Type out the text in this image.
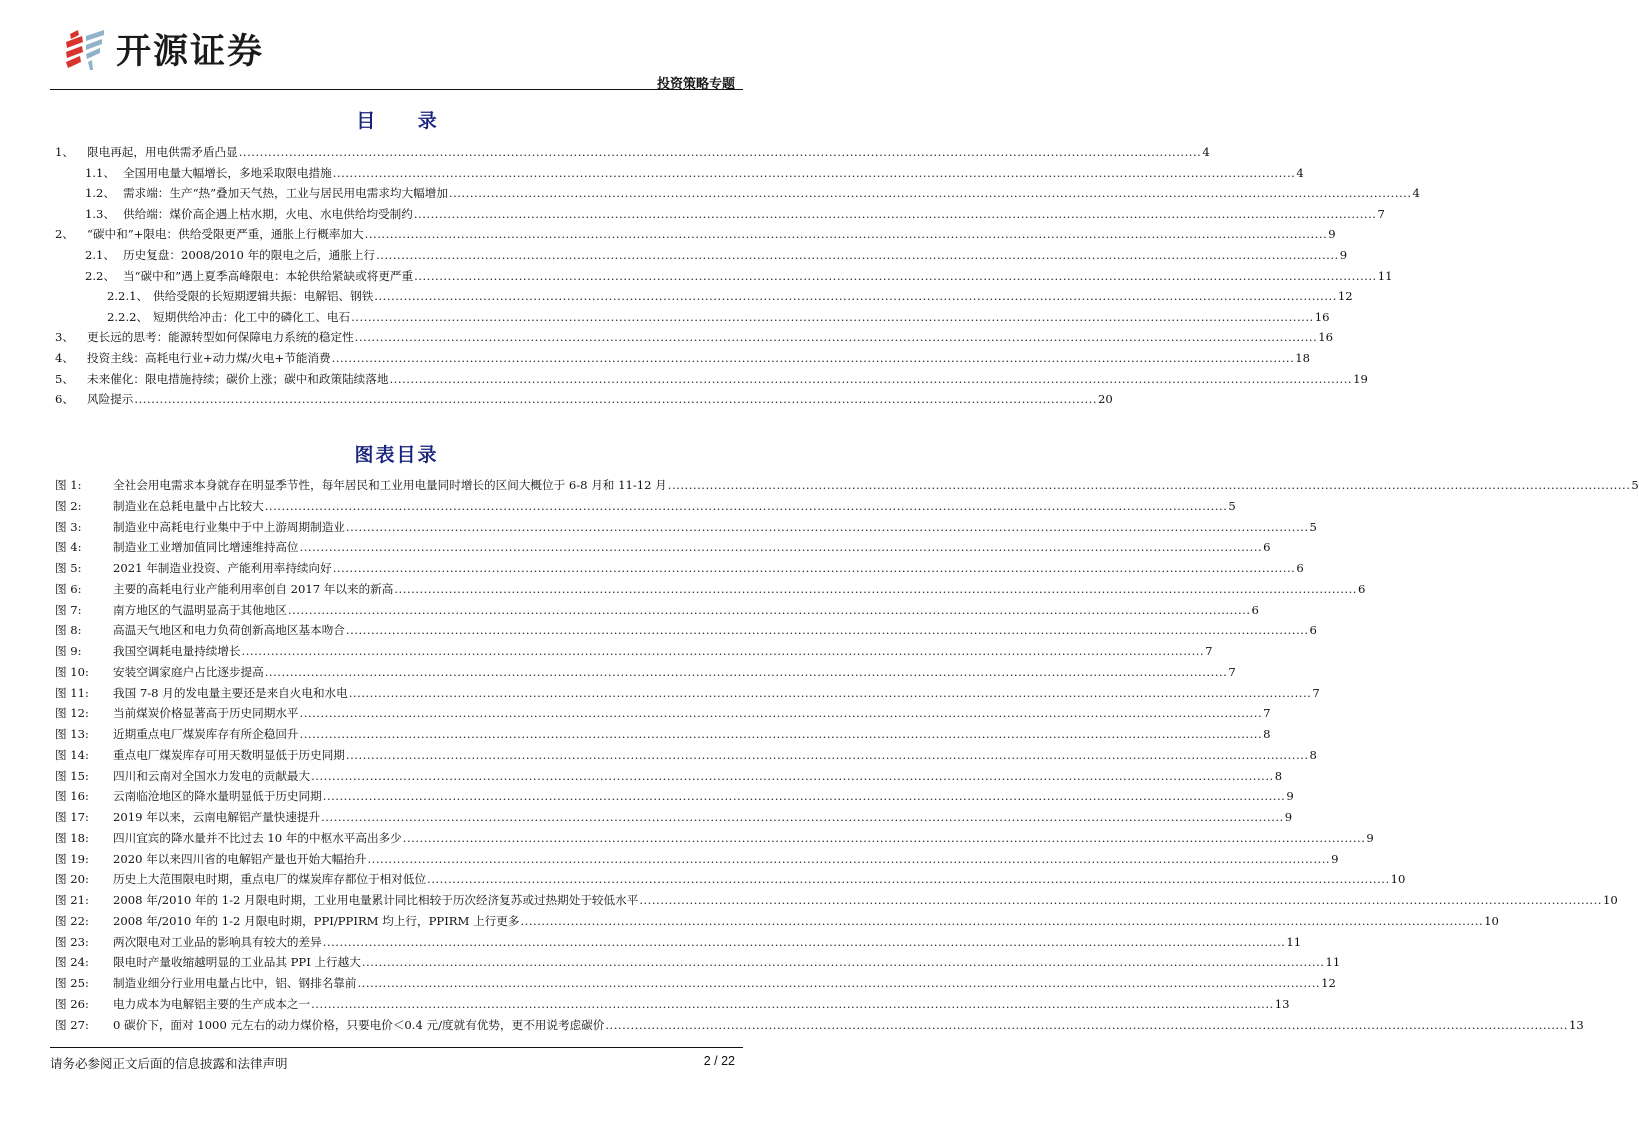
开源证券
投资策略专题
目 录
1、	限电再起，用电供需矛盾凸显 .....	4
1.1、 全国用电量大幅增长，多地采取限电措施 .....	4
1.2、 需求端：生产“热”叠加天气热，工业与居民用电需求均大幅增加 .....	4
1.3、 供给端：煤价高企遇上枯水期，火电、水电供给均受制约 .....	7
2、	“碳中和”+限电：供给受限更严重，通胀上行概率加大 .....	9
2.1、 历史复盘：2008/2010 年的限电之后，通胀上行 .....	9
2.2、 当“碳中和”遇上夏季高峰限电：本轮供给紧缺或将更严重 .....	11
2.2.1、 供给受限的长短期逻辑共振：电解铝、钢铁 .....	12
2.2.2、 短期供给冲击：化工中的磷化工、电石 .....	16
3、	更长远的思考：能源转型如何保障电力系统的稳定性 .....	16
4、	投资主线：高耗电行业+动力煤/火电+节能消费 .....	18
5、	未来催化：限电措施持续；碳价上涨；碳中和政策陆续落地 .....	19
6、	风险提示 .....	20
图表目录
图 1:	全社会用电需求本身就存在明显季节性，每年居民和工业用电量同时增长的区间大概位于 6-8 月和 11-12 月 .....	5
图 2:	制造业在总耗电量中占比较大 .....	5
图 3:	制造业中高耗电行业集中于中上游周期制造业 .....	5
图 4:	制造业工业增加值同比增速维持高位 .....	6
图 5:	2021 年制造业投资、产能利用率持续向好 .....	6
图 6:	主要的高耗电行业产能利用率创自 2017 年以来的新高 .....	6
图 7:	南方地区的气温明显高于其他地区 .....	6
图 8:	高温天气地区和电力负荷创新高地区基本吻合 .....	6
图 9:	我国空调耗电量持续增长 .....	7
图 10:	安装空调家庭户占比逐步提高 .....	7
图 11:	我国 7-8 月的发电量主要还是来自火电和水电 .....	7
图 12:	当前煤炭价格显著高于历史同期水平 .....	7
图 13:	近期重点电厂煤炭库存有所企稳回升 .....	8
图 14:	重点电厂煤炭库存可用天数明显低于历史同期 .....	8
图 15:	四川和云南对全国水力发电的贡献最大 .....	8
图 16:	云南临沧地区的降水量明显低于历史同期 .....	9
图 17:	2019 年以来，云南电解铝产量快速提升 .....	9
图 18:	四川宜宾的降水量并不比过去 10 年的中枢水平高出多少 .....	9
图 19:	2020 年以来四川省的电解铝产量也开始大幅抬升 .....	9
图 20:	历史上大范围限电时期，重点电厂的煤炭库存都位于相对低位 .....	10
图 21:	2008 年/2010 年的 1-2 月限电时期，工业用电量累计同比相较于历次经济复苏或过热期处于较低水平 .....	10
图 22:	2008 年/2010 年的 1-2 月限电时期，PPI/PPIRM 均上行，PPIRM 上行更多 .....	10
图 23:	两次限电对工业品的影响具有较大的差异 .....	11
图 24:	限电时产量收缩越明显的工业品其 PPI 上行越大 .....	11
图 25:	制造业细分行业用电量占比中，铝、钢排名靠前 .....	12
图 26:	电力成本为电解铝主要的生产成本之一 .....	13
图 27:	0 碳价下，面对 1000 元左右的动力煤价格，只要电价＜0.4 元/度就有优势，更不用说考虑碳价 .....	13
请务必参阅正文后面的信息披露和法律声明	2 / 22
